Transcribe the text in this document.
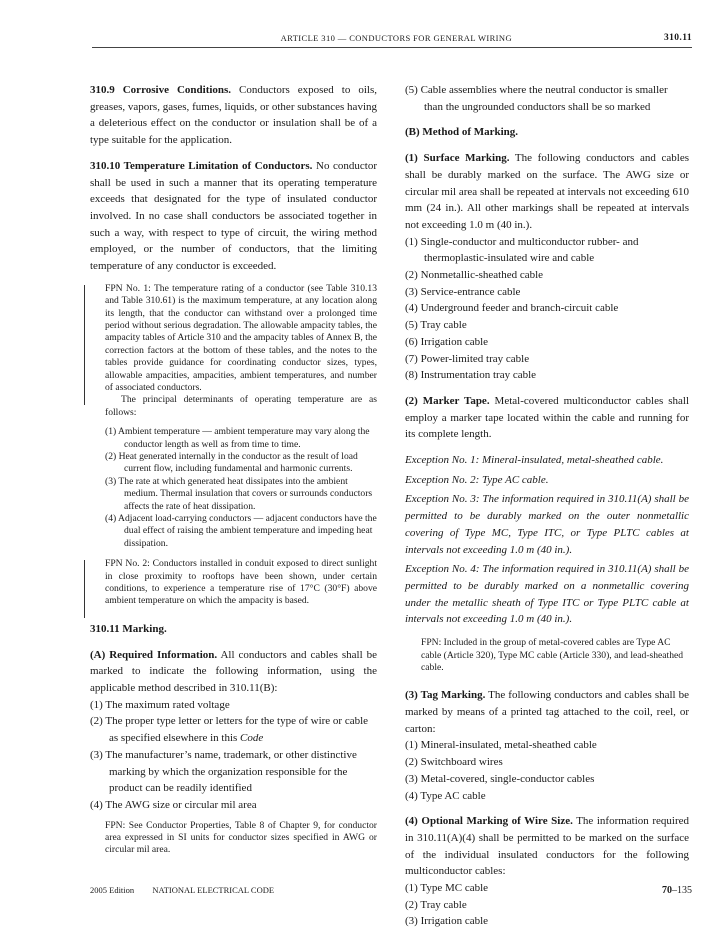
ARTICLE 310 — CONDUCTORS FOR GENERAL WIRING	310.11

310.9 Corrosive Conditions. Conductors exposed to oils, greases, vapors, gases, fumes, liquids, or other substances having a deleterious effect on the conductor or insulation shall be of a type suitable for the application.

310.10 Temperature Limitation of Conductors. No conductor shall be used in such a manner that its operating temperature exceeds that designated for the type of insulated conductor involved. In no case shall conductors be associated together in such a way, with respect to type of circuit, the wiring method employed, or the number of conductors, that the limiting temperature of any conductor is exceeded.

FPN No. 1: The temperature rating of a conductor (see Table 310.13 and Table 310.61) is the maximum temperature, at any location along its length, that the conductor can withstand over a prolonged time period without serious degradation. The allowable ampacity tables, the ampacity tables of Article 310 and the ampacity tables of Annex B, the correction factors at the bottom of these tables, and the notes to the tables provide guidance for coordinating conductor sizes, types, allowable ampacities, ampacities, ambient temperatures, and number of associated conductors.

The principal determinants of operating temperature are as follows:

(1) Ambient temperature — ambient temperature may vary along the conductor length as well as from time to time.

(2) Heat generated internally in the conductor as the result of load current flow, including fundamental and harmonic currents.

(3) The rate at which generated heat dissipates into the ambient medium. Thermal insulation that covers or surrounds conductors affects the rate of heat dissipation.

(4) Adjacent load-carrying conductors — adjacent conductors have the dual effect of raising the ambient temperature and impeding heat dissipation.

FPN No. 2: Conductors installed in conduit exposed to direct sunlight in close proximity to rooftops have been shown, under certain conditions, to experience a temperature rise of 17°C (30°F) above ambient temperature on which the ampacity is based.

310.11 Marking.

(A) Required Information. All conductors and cables shall be marked to indicate the following information, using the applicable method described in 310.11(B):

(1) The maximum rated voltage

(2) The proper type letter or letters for the type of wire or cable as specified elsewhere in this Code

(3) The manufacturer’s name, trademark, or other distinctive marking by which the organization responsible for the product can be readily identified

(4) The AWG size or circular mil area

FPN: See Conductor Properties, Table 8 of Chapter 9, for conductor area expressed in SI units for conductor sizes specified in AWG or circular mil area.

(5) Cable assemblies where the neutral conductor is smaller than the ungrounded conductors shall be so marked

(B) Method of Marking.

(1) Surface Marking. The following conductors and cables shall be durably marked on the surface. The AWG size or circular mil area shall be repeated at intervals not exceeding 610 mm (24 in.). All other markings shall be repeated at intervals not exceeding 1.0 m (40 in.).

(1) Single-conductor and multiconductor rubber- and thermoplastic-insulated wire and cable

(2) Nonmetallic-sheathed cable

(3) Service-entrance cable

(4) Underground feeder and branch-circuit cable

(5) Tray cable

(6) Irrigation cable

(7) Power-limited tray cable

(8) Instrumentation tray cable

(2) Marker Tape. Metal-covered multiconductor cables shall employ a marker tape located within the cable and running for its complete length.

Exception No. 1: Mineral-insulated, metal-sheathed cable.

Exception No. 2: Type AC cable.

Exception No. 3: The information required in 310.11(A) shall be permitted to be durably marked on the outer nonmetallic covering of Type MC, Type ITC, or Type PLTC cables at intervals not exceeding 1.0 m (40 in.).

Exception No. 4: The information required in 310.11(A) shall be permitted to be durably marked on a nonmetallic covering under the metallic sheath of Type ITC or Type PLTC cable at intervals not exceeding 1.0 m (40 in.).

FPN: Included in the group of metal-covered cables are Type AC cable (Article 320), Type MC cable (Article 330), and lead-sheathed cable.

(3) Tag Marking. The following conductors and cables shall be marked by means of a printed tag attached to the coil, reel, or carton:

(1) Mineral-insulated, metal-sheathed cable

(2) Switchboard wires

(3) Metal-covered, single-conductor cables

(4) Type AC cable

(4) Optional Marking of Wire Size. The information required in 310.11(A)(4) shall be permitted to be marked on the surface of the individual insulated conductors for the following multiconductor cables:

(1) Type MC cable

(2) Tray cable

(3) Irrigation cable

2005 Edition NATIONAL ELECTRICAL CODE	70–135
